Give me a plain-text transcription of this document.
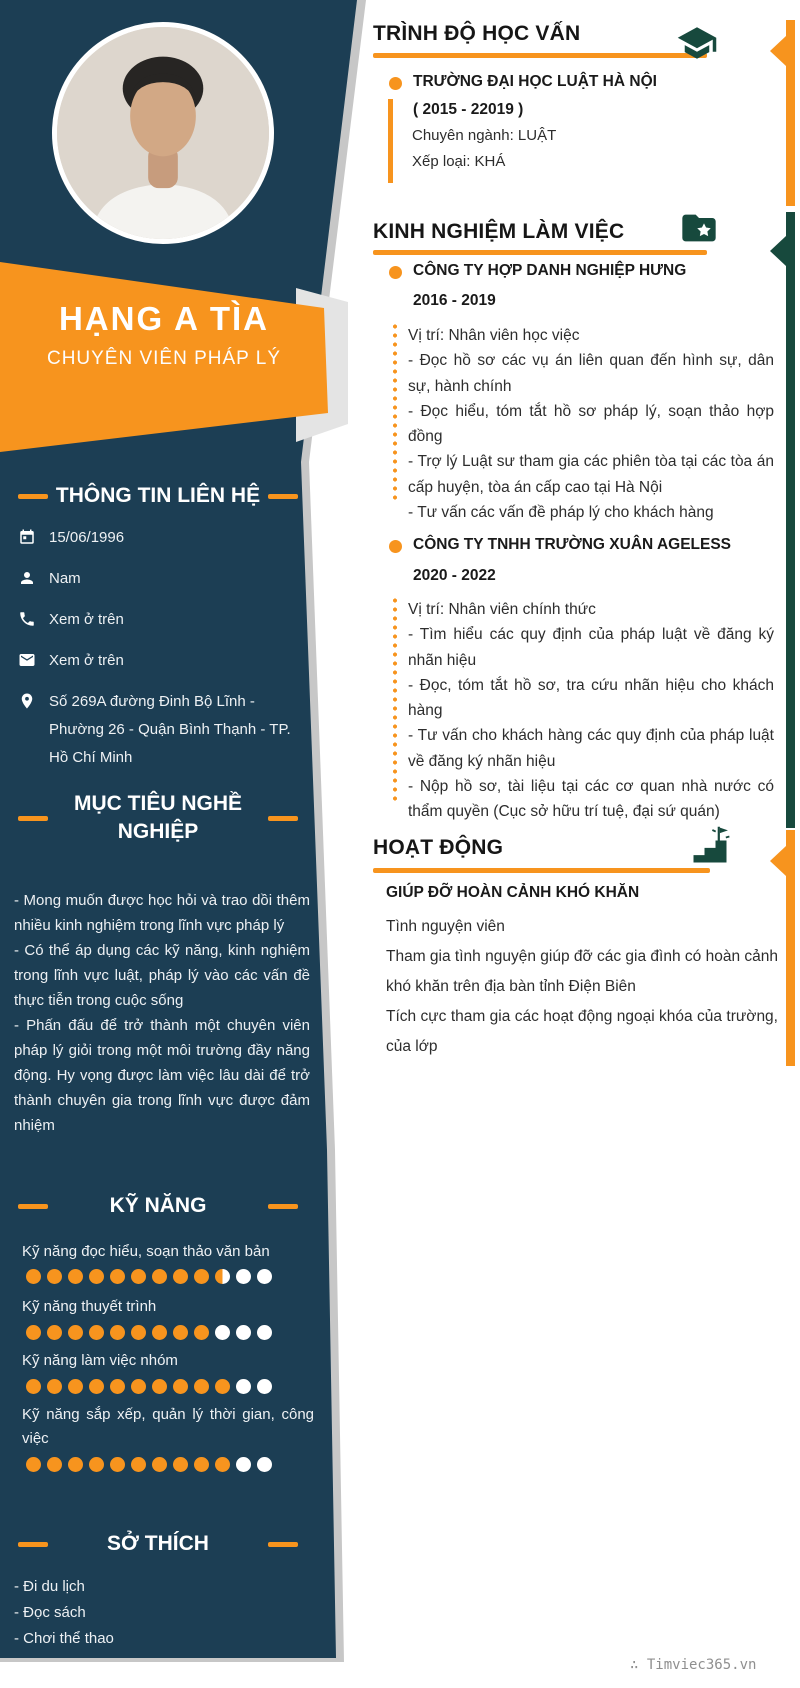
HẠNG A TÌA
CHUYÊN VIÊN PHÁP LÝ
THÔNG TIN LIÊN HỆ
15/06/1996
Nam
Xem ở trên
Xem ở trên
Số 269A đường Đinh Bộ Lĩnh - Phường 26 - Quận Bình Thạnh - TP. Hồ Chí Minh
MỤC TIÊU NGHỀ NGHIỆP
- Mong muốn được học hỏi và trao dồi thêm nhiều kinh nghiệm trong lĩnh vực pháp lý
- Có thể áp dụng các kỹ năng, kinh nghiệm trong lĩnh vực luật, pháp lý vào các vấn đề thực tiễn trong cuộc sống
- Phấn đấu để trở thành một chuyên viên pháp lý giỏi trong một môi trường đầy năng động. Hy vọng được làm việc lâu dài để trở thành chuyên gia trong lĩnh vực được đảm nhiệm
KỸ NĂNG
Kỹ năng đọc hiểu, soạn thảo văn bản
Kỹ năng thuyết trình
Kỹ năng làm việc nhóm
Kỹ năng sắp xếp, quản lý thời gian, công việc
SỞ THÍCH
- Đi du lịch
- Đọc sách
- Chơi thể thao
TRÌNH ĐỘ HỌC VẤN
TRƯỜNG ĐẠI HỌC LUẬT HÀ NỘI
( 2015 - 22019 )
Chuyên ngành: LUẬT
Xếp loại: KHÁ
KINH NGHIỆM LÀM VIỆC
CÔNG TY HỢP DANH NGHIỆP HƯNG
2016 - 2019
Vị trí: Nhân viên học việc
- Đọc hồ sơ các vụ án liên quan đến hình sự, dân sự, hành chính
- Đọc hiểu, tóm tắt hồ sơ pháp lý, soạn thảo hợp đồng
- Trợ lý Luật sư tham gia các phiên tòa tại các tòa án cấp huyện, tòa án cấp cao tại Hà Nội
- Tư vấn các vấn đề pháp lý cho khách hàng
CÔNG TY TNHH TRƯỜNG XUÂN AGELESS
2020 - 2022
Vị trí: Nhân viên chính thức
- Tìm hiểu các quy định của pháp luật về đăng ký nhãn hiệu
- Đọc, tóm tắt hồ sơ, tra cứu nhãn hiệu cho khách hàng
- Tư vấn cho khách hàng các quy định của pháp luật về đăng ký nhãn hiệu
- Nộp hồ sơ, tài liệu tại các cơ quan nhà nước có thẩm quyền (Cục sở hữu trí tuệ, đại sứ quán)
HOẠT ĐỘNG
GIÚP ĐỠ HOÀN CẢNH KHÓ KHĂN
Tình nguyện viên
Tham gia tình nguyện giúp đỡ các gia đình có hoàn cảnh khó khăn trên địa bàn tỉnh Điện Biên
Tích cực tham gia các hoạt động ngoại khóa của trường, của lớp
∴ Timviec365.vn
